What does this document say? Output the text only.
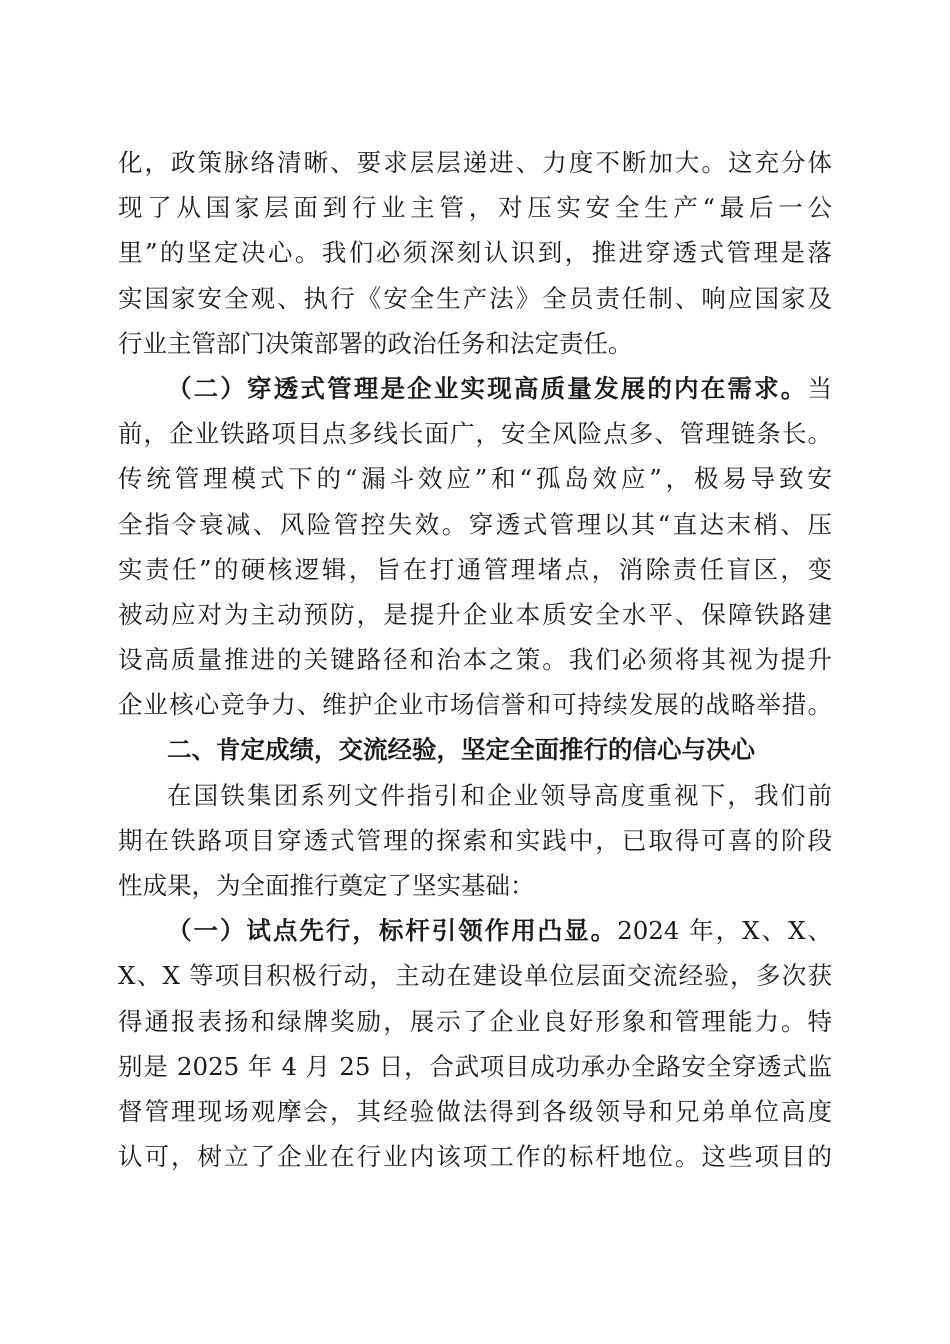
化，政策脉络清晰、要求层层递进、力度不断加大。这充分体
现了从国家层面到行业主管，对压实安全生产“最后一公
里”的坚定决心。我们必须深刻认识到，推进穿透式管理是落
实国家安全观、执行《安全生产法》全员责任制、响应国家及
行业主管部门决策部署的政治任务和法定责任。
（二）穿透式管理是企业实现高质量发展的内在需求。当
前，企业铁路项目点多线长面广，安全风险点多、管理链条长。
传统管理模式下的“漏斗效应”和“孤岛效应”，极易导致安
全指令衰减、风险管控失效。穿透式管理以其“直达末梢、压
实责任”的硬核逻辑，旨在打通管理堵点，消除责任盲区，变
被动应对为主动预防，是提升企业本质安全水平、保障铁路建
设高质量推进的关键路径和治本之策。我们必须将其视为提升
企业核心竞争力、维护企业市场信誉和可持续发展的战略举措。
二、肯定成绩，交流经验，坚定全面推行的信心与决心
在国铁集团系列文件指引和企业领导高度重视下，我们前
期在铁路项目穿透式管理的探索和实践中，已取得可喜的阶段
性成果，为全面推行奠定了坚实基础：
（一）试点先行，标杆引领作用凸显。2024 年，X、X、
X、X 等项目积极行动，主动在建设单位层面交流经验，多次获
得通报表扬和绿牌奖励，展示了企业良好形象和管理能力。特
别是 2025 年 4 月 25 日，合武项目成功承办全路安全穿透式监
督管理现场观摩会，其经验做法得到各级领导和兄弟单位高度
认可，树立了企业在行业内该项工作的标杆地位。这些项目的
